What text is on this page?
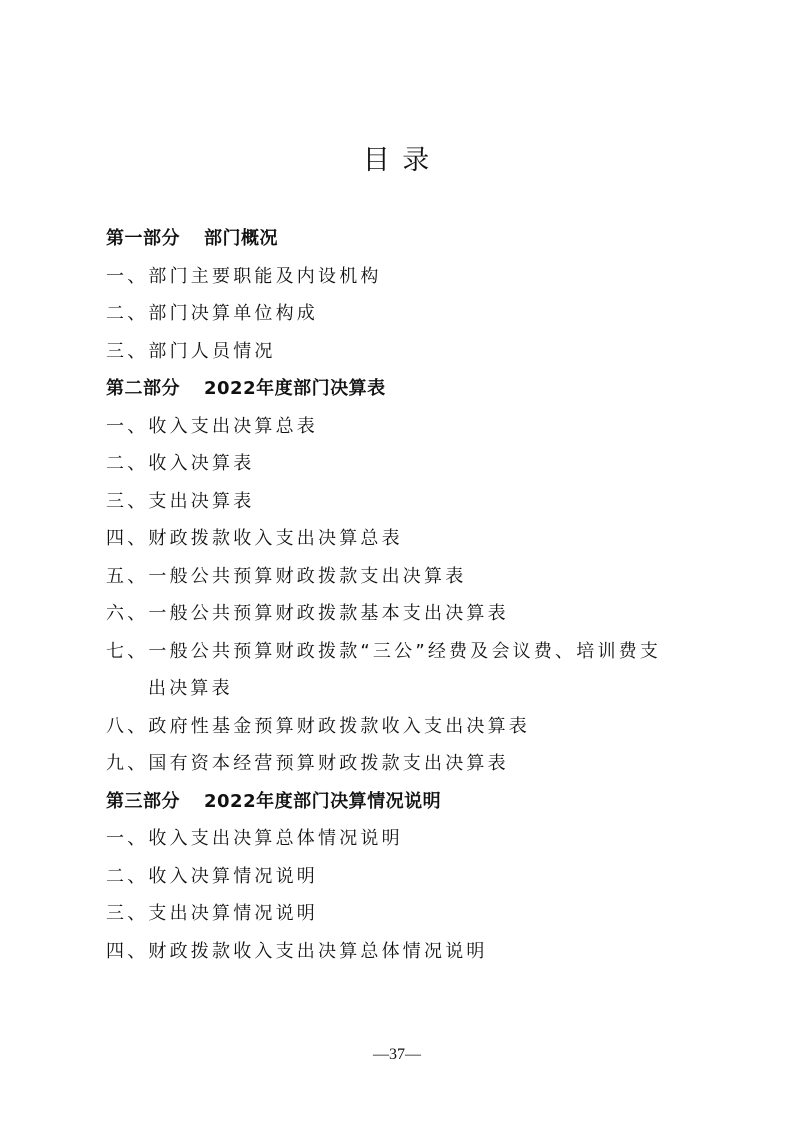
目 录
第一部分 部门概况
一、部门主要职能及内设机构
二、部门决算单位构成
三、部门人员情况
第二部分 2022年度部门决算表
一、收入支出决算总表
二、收入决算表
三、支出决算表
四、财政拨款收入支出决算总表
五、一般公共预算财政拨款支出决算表
六、一般公共预算财政拨款基本支出决算表
七、一般公共预算财政拨款“三公”经费及会议费、培训费支
出决算表
八、政府性基金预算财政拨款收入支出决算表
九、国有资本经营预算财政拨款支出决算表
第三部分 2022年度部门决算情况说明
一、收入支出决算总体情况说明
二、收入决算情况说明
三、支出决算情况说明
四、财政拨款收入支出决算总体情况说明
—37—
